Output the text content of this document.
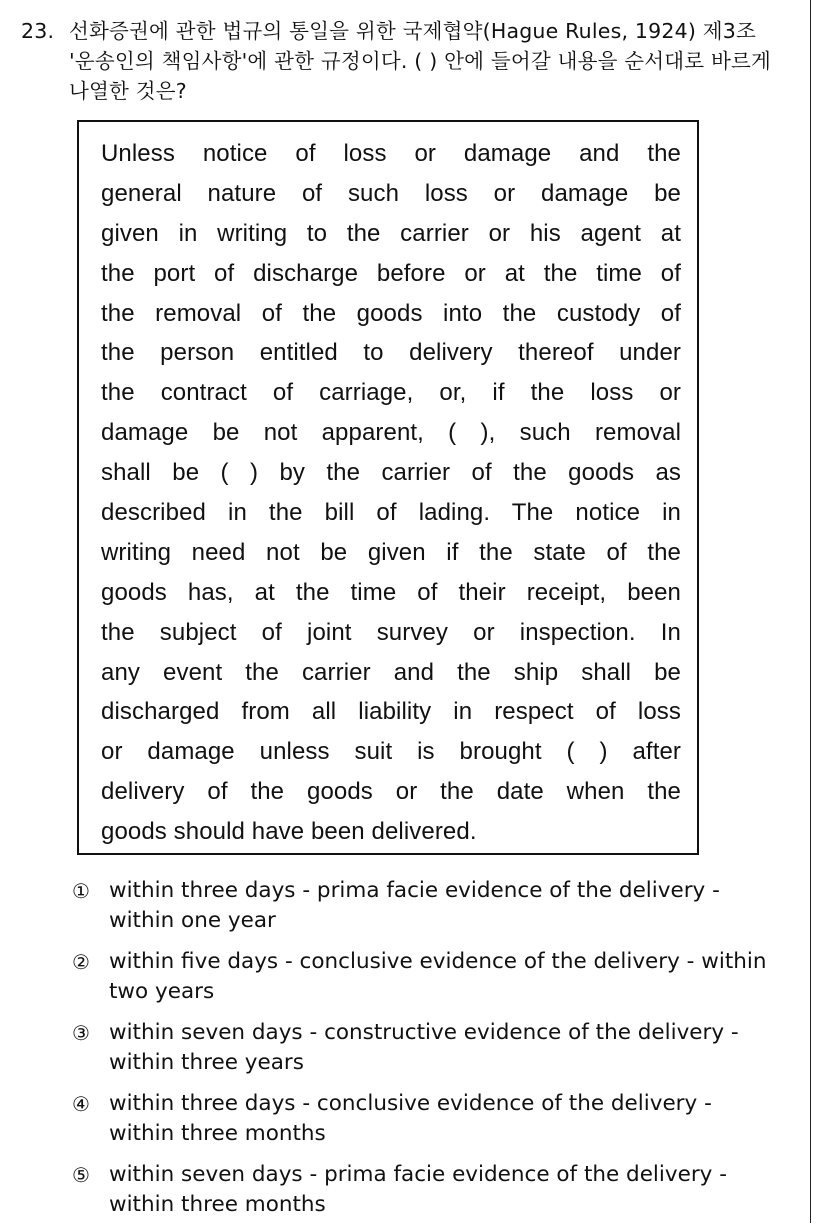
23. 선화증권에 관한 법규의 통일을 위한 국제협약(Hague Rules, 1924) 제3조 '운송인의 책임사항'에 관한 규정이다. ( ) 안에 들어갈 내용을 순서대로 바르게 나열한 것은?
Unless notice of loss or damage and the
general nature of such loss or damage be
given in writing to the carrier or his agent at
the port of discharge before or at the time of
the removal of the goods into the custody of
the person entitled to delivery thereof under
the contract of carriage, or, if the loss or
damage be not apparent, ( ), such removal
shall be ( ) by the carrier of the goods as
described in the bill of lading. The notice in
writing need not be given if the state of the
goods has, at the time of their receipt, been
the subject of joint survey or inspection. In
any event the carrier and the ship shall be
discharged from all liability in respect of loss
or damage unless suit is brought ( ) after
delivery of the goods or the date when the
goods should have been delivered.
① within three days - prima facie evidence of the delivery - within one year
② within five days - conclusive evidence of the delivery - within two years
③ within seven days - constructive evidence of the delivery - within three years
④ within three days - conclusive evidence of the delivery - within three months
⑤ within seven days - prima facie evidence of the delivery - within three months
